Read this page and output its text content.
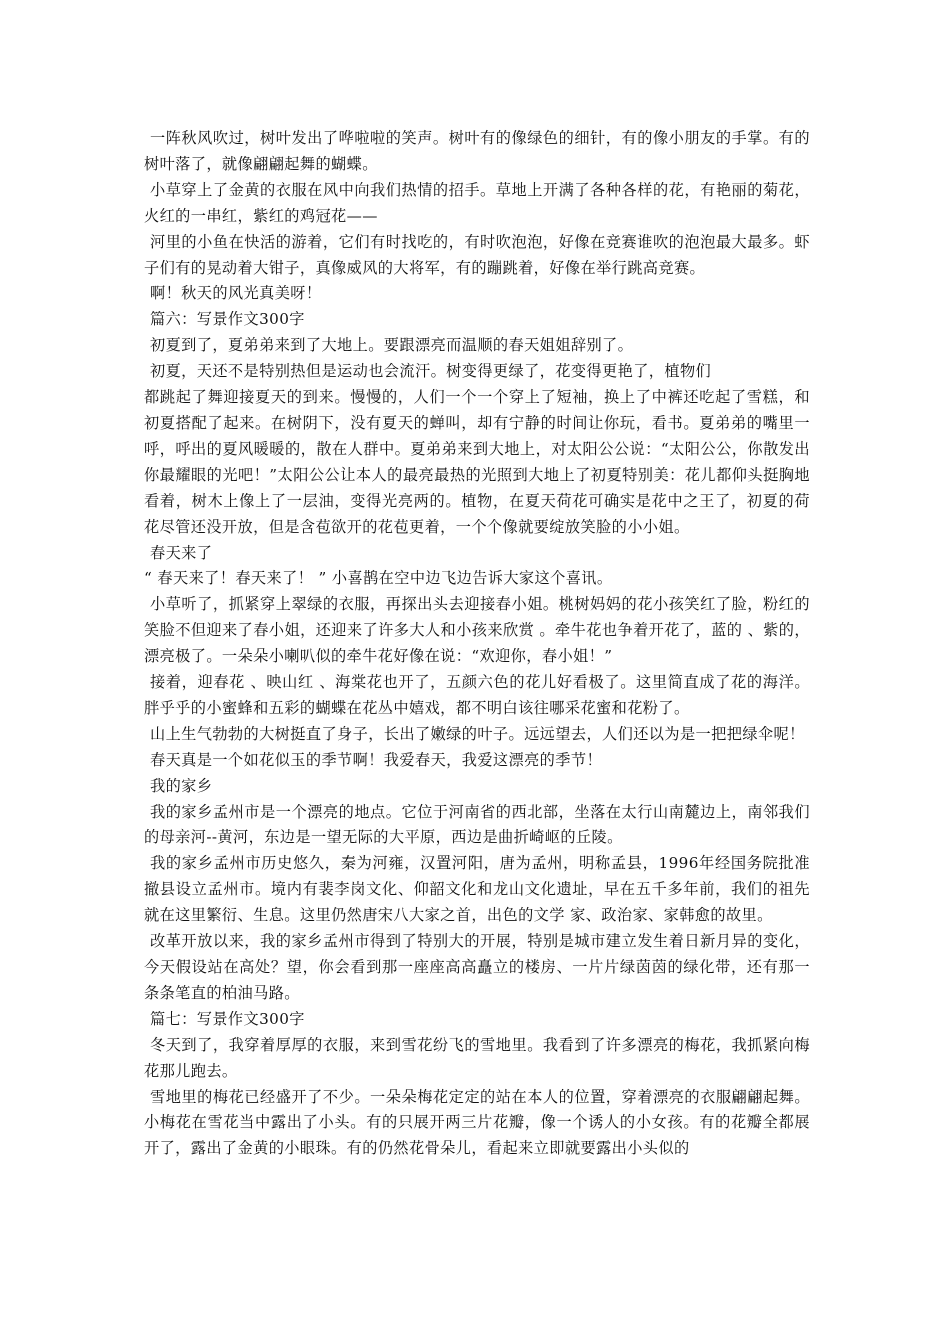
一阵秋风吹过，树叶发出了哗啦啦的笑声。树叶有的像绿色的细针，有的像小朋友的手掌。有的树叶落了，就像翩翩起舞的蝴蝶。

小草穿上了金黄的衣服在风中向我们热情的招手。草地上开满了各种各样的花，有艳丽的菊花，火红的一串红，紫红的鸡冠花——

河里的小鱼在快活的游着，它们有时找吃的，有时吹泡泡，好像在竞赛谁吹的泡泡最大最多。虾子们有的晃动着大钳子，真像威风的大将军，有的蹦跳着，好像在举行跳高竞赛。

啊！秋天的风光真美呀！

篇六：写景作文300字

初夏到了，夏弟弟来到了大地上。要跟漂亮而温顺的春天姐姐辞别了。

初夏，天还不是特别热但是运动也会流汗。树变得更绿了，花变得更艳了，植物们

都跳起了舞迎接夏天的到来。慢慢的，人们一个一个穿上了短袖，换上了中裤还吃起了雪糕，和初夏搭配了起来。在树阴下，没有夏天的蝉叫，却有宁静的时间让你玩，看书。夏弟弟的嘴里一呼，呼出的夏风暖暖的，散在人群中。夏弟弟来到大地上，对太阳公公说：“太阳公公，你散发出你最耀眼的光吧！”太阳公公让本人的最亮最热的光照到大地上了初夏特别美：花儿都仰头挺胸地看着，树木上像上了一层油，变得光亮两的。植物，在夏天荷花可确实是花中之王了，初夏的荷花尽管还没开放，但是含苞欲开的花苞更着，一个个像就要绽放笑脸的小小姐。

春天来了

“ 春天来了！春天来了！ ” 小喜鹊在空中边飞边告诉大家这个喜讯。

小草听了，抓紧穿上翠绿的衣服，再探出头去迎接春小姐。桃树妈妈的花小孩笑红了脸，粉红的笑脸不但迎来了春小姐，还迎来了许多大人和小孩来欣赏 。牵牛花也争着开花了，蓝的 、紫的，漂亮极了。一朵朵小喇叭似的牵牛花好像在说：“欢迎你，春小姐！”

接着，迎春花 、映山红 、海棠花也开了，五颜六色的花儿好看极了。这里简直成了花的海洋。胖乎乎的小蜜蜂和五彩的蝴蝶在花丛中嬉戏，都不明白该往哪采花蜜和花粉了。

山上生气勃勃的大树挺直了身子，长出了嫩绿的叶子。远远望去，人们还以为是一把把绿伞呢！

春天真是一个如花似玉的季节啊！我爱春天，我爱这漂亮的季节！

我的家乡

我的家乡孟州市是一个漂亮的地点。它位于河南省的西北部，坐落在太行山南麓边上，南邻我们的母亲河--黄河，东边是一望无际的大平原，西边是曲折崎岖的丘陵。

我的家乡孟州市历史悠久，秦为河雍，汉置河阳，唐为孟州，明称孟县，1996年经国务院批准撤县设立孟州市。境内有裴李岗文化、仰韶文化和龙山文化遗址，早在五千多年前，我们的祖先就在这里繁衍、生息。这里仍然唐宋八大家之首，出色的文学 家、政治家、家韩愈的故里。

改革开放以来，我的家乡孟州市得到了特别大的开展，特别是城市建立发生着日新月异的变化，今天假设站在高处？望，你会看到那一座座高高矗立的楼房、一片片绿茵茵的绿化带，还有那一条条笔直的柏油马路。

篇七：写景作文300字

冬天到了，我穿着厚厚的衣服，来到雪花纷飞的雪地里。我看到了许多漂亮的梅花，我抓紧向梅花那儿跑去。

雪地里的梅花已经盛开了不少。一朵朵梅花定定的站在本人的位置，穿着漂亮的衣服翩翩起舞。小梅花在雪花当中露出了小头。有的只展开两三片花瓣，像一个诱人的小女孩。有的花瓣全都展开了，露出了金黄的小眼珠。有的仍然花骨朵儿，看起来立即就要露出小头似的
